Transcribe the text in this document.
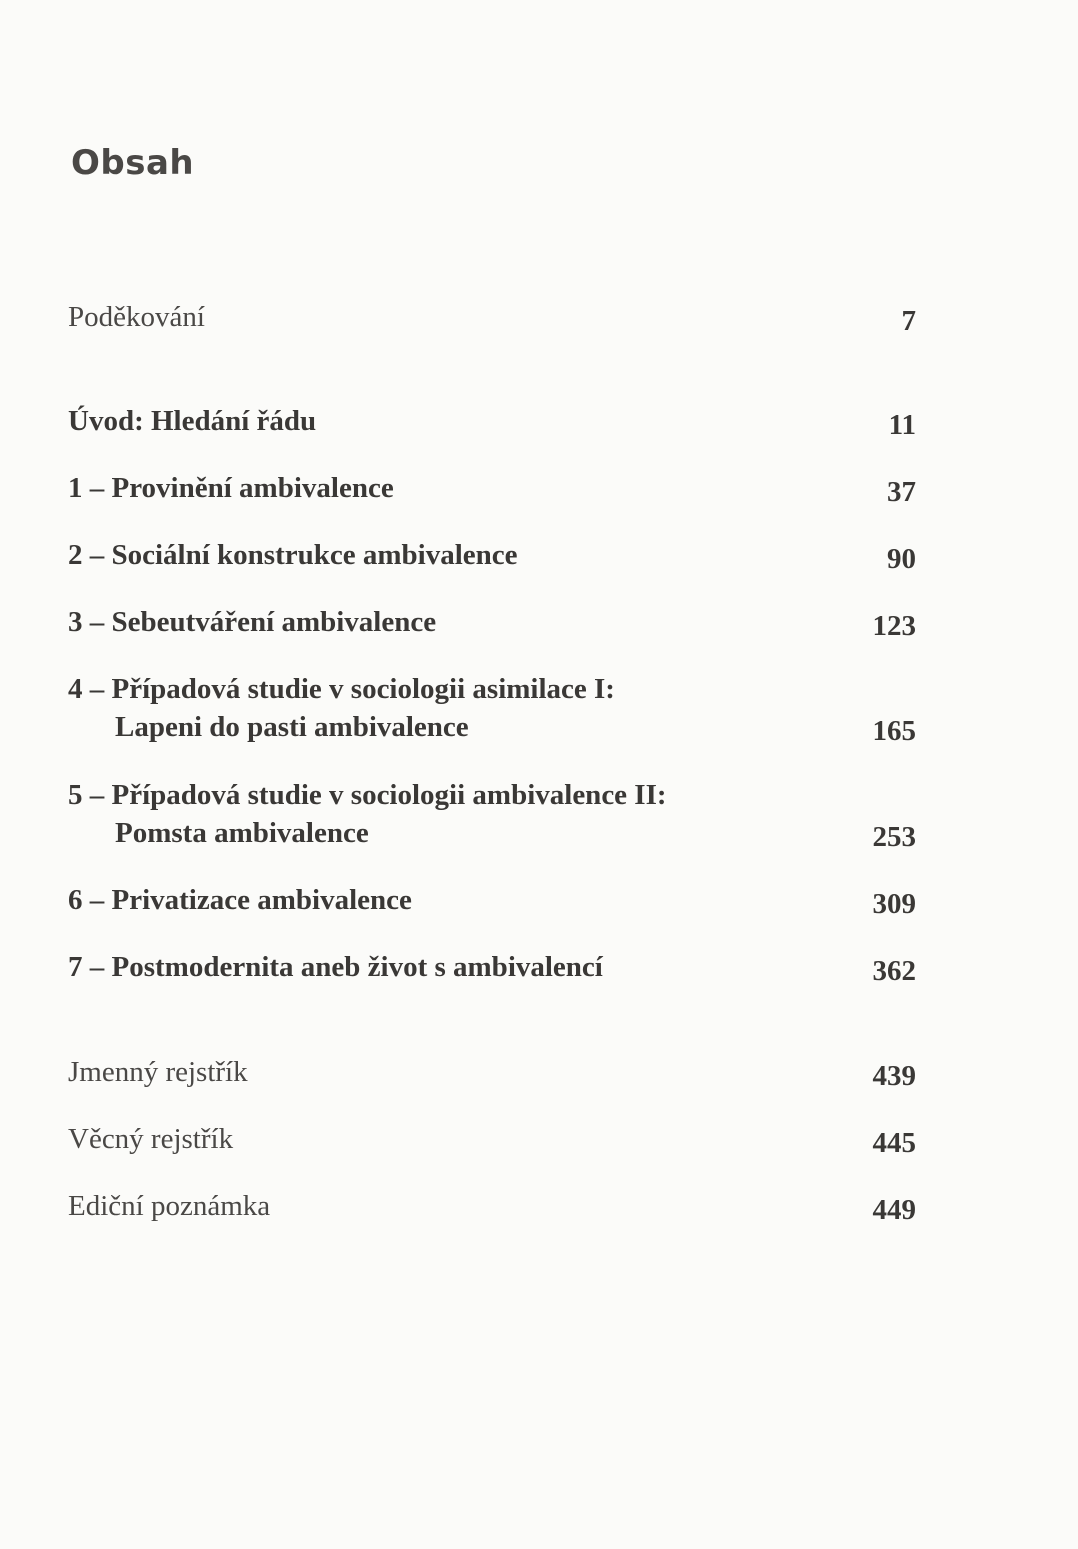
Obsah
Poděkování	7
Úvod: Hledání řádu	11
1 – Provinění ambivalence	37
2 – Sociální konstrukce ambivalence	90
3 – Sebeutváření ambivalence	123
4 – Případová studie v sociologii asimilace I:
Lapeni do pasti ambivalence	165
5 – Případová studie v sociologii ambivalence II:
Pomsta ambivalence	253
6 – Privatizace ambivalence	309
7 – Postmodernita aneb život s ambivalencí	362
Jmenný rejstřík	439
Věcný rejstřík	445
Ediční poznámka	449
